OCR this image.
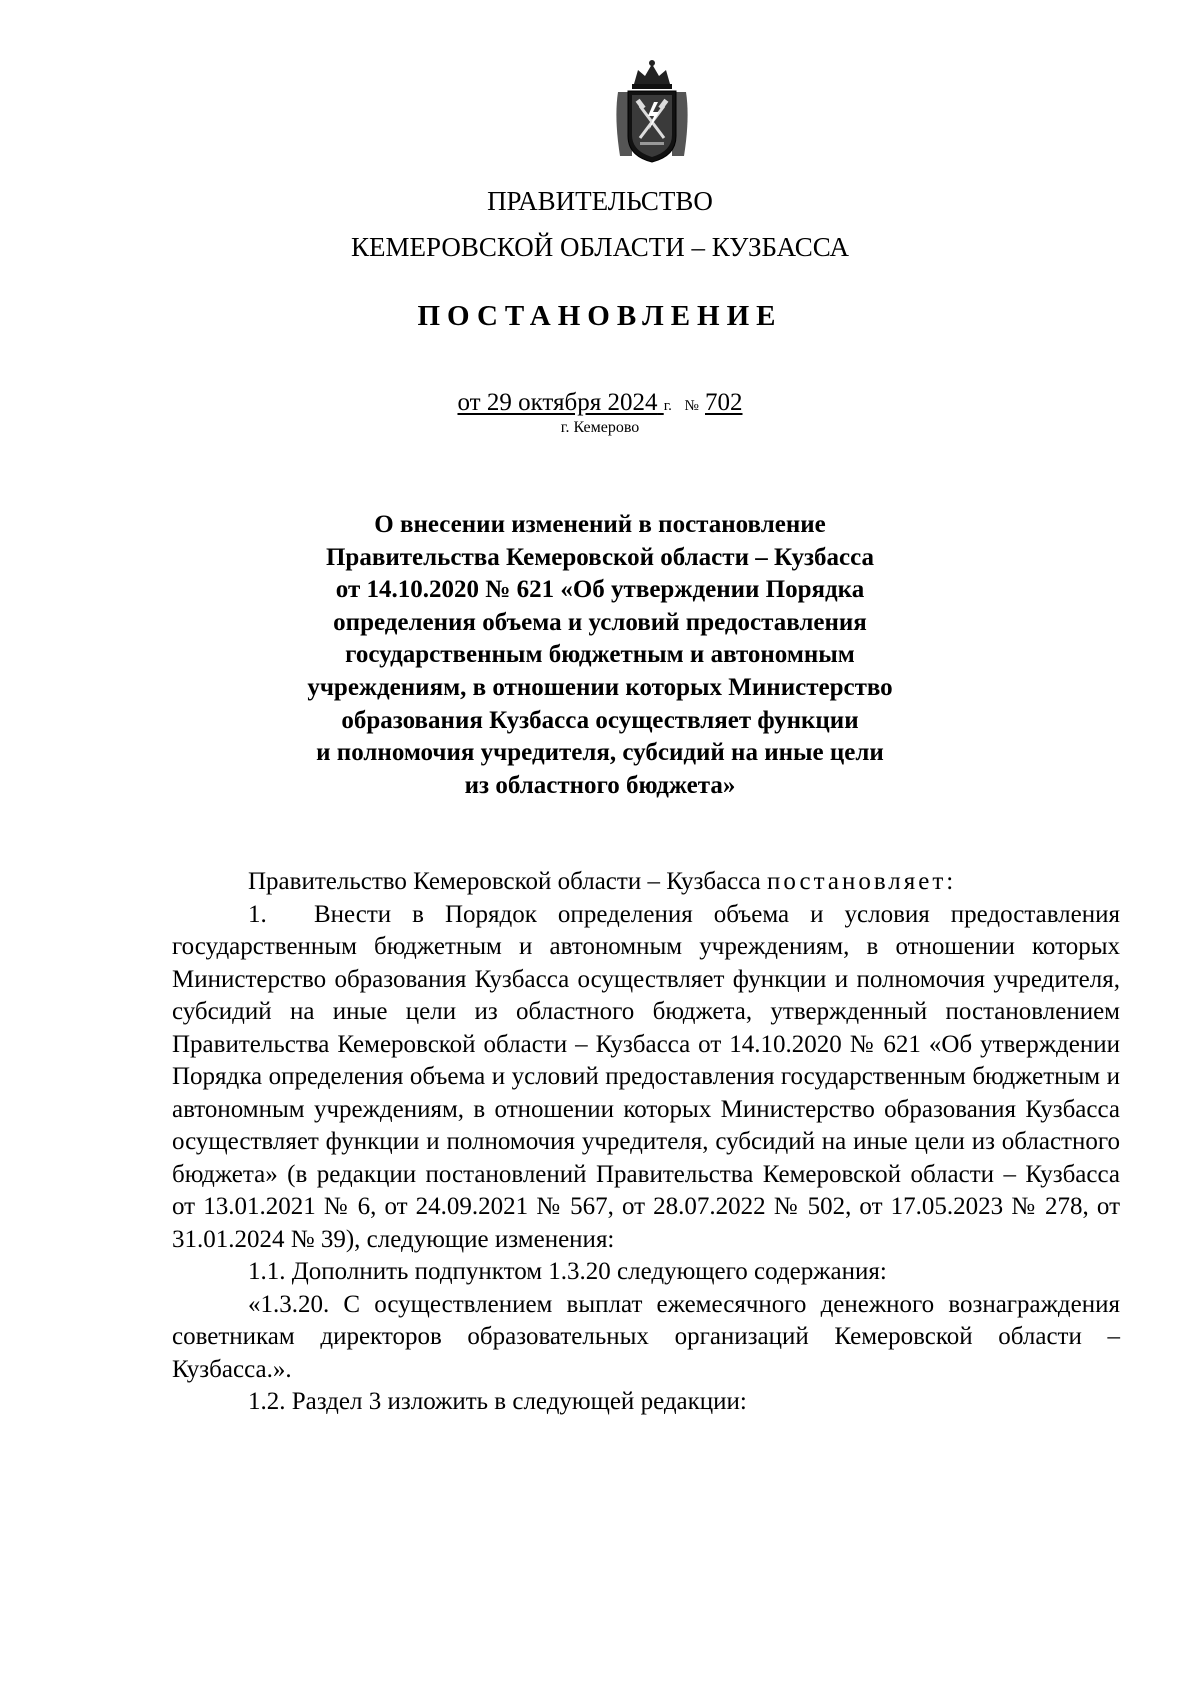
ПРАВИТЕЛЬСТВО
КЕМЕРОВСКОЙ ОБЛАСТИ – КУЗБАССА
ПОСТАНОВЛЕНИЕ
от 29 октября 2024 г. № 702
г. Кемерово
О внесении изменений в постановление
Правительства Кемеровской области – Кузбасса
от 14.10.2020 № 621 «Об утверждении Порядка
определения объема и условий предоставления
государственным бюджетным и автономным
учреждениям, в отношении которых Министерство
образования Кузбасса осуществляет функции
и полномочия учредителя, субсидий на иные цели
из областного бюджета»

Правительство Кемеровской области – Кузбасса постановляет:

1. Внести в Порядок определения объема и условия предоставления государственным бюджетным и автономным учреждениям, в отношении которых Министерство образования Кузбасса осуществляет функции и полномочия учредителя, субсидий на иные цели из областного бюджета, утвержденный постановлением Правительства Кемеровской области – Кузбасса от 14.10.2020 № 621 «Об утверждении Порядка определения объема и условий предоставления государственным бюджетным и автономным учреждениям, в отношении которых Министерство образования Кузбасса осуществляет функции и полномочия учредителя, субсидий на иные цели из областного бюджета» (в редакции постановлений Правительства Кемеровской области – Кузбасса от 13.01.2021 № 6, от 24.09.2021 № 567, от 28.07.2022 № 502, от 17.05.2023 № 278, от 31.01.2024 № 39), следующие изменения:

1.1. Дополнить подпунктом 1.3.20 следующего содержания:

«1.3.20. С осуществлением выплат ежемесячного денежного вознаграждения советникам директоров образовательных организаций Кемеровской области – Кузбасса.».

1.2. Раздел 3 изложить в следующей редакции:
